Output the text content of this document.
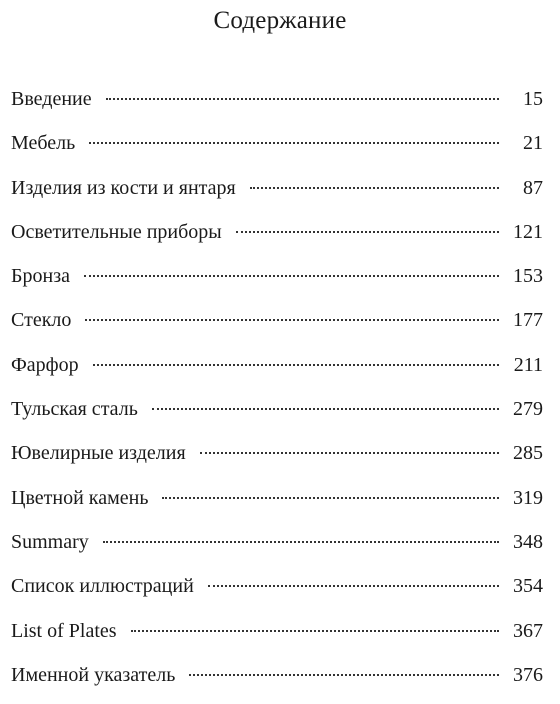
Содержание
Введение	15
Мебель	21
Изделия из кости и янтаря	87
Осветительные приборы	121
Бронза	153
Стекло	177
Фарфор	211
Тульская сталь	279
Ювелирные изделия	285
Цветной камень	319
Summary	348
Список иллюстраций	354
List of Plates	367
Именной указатель	376
